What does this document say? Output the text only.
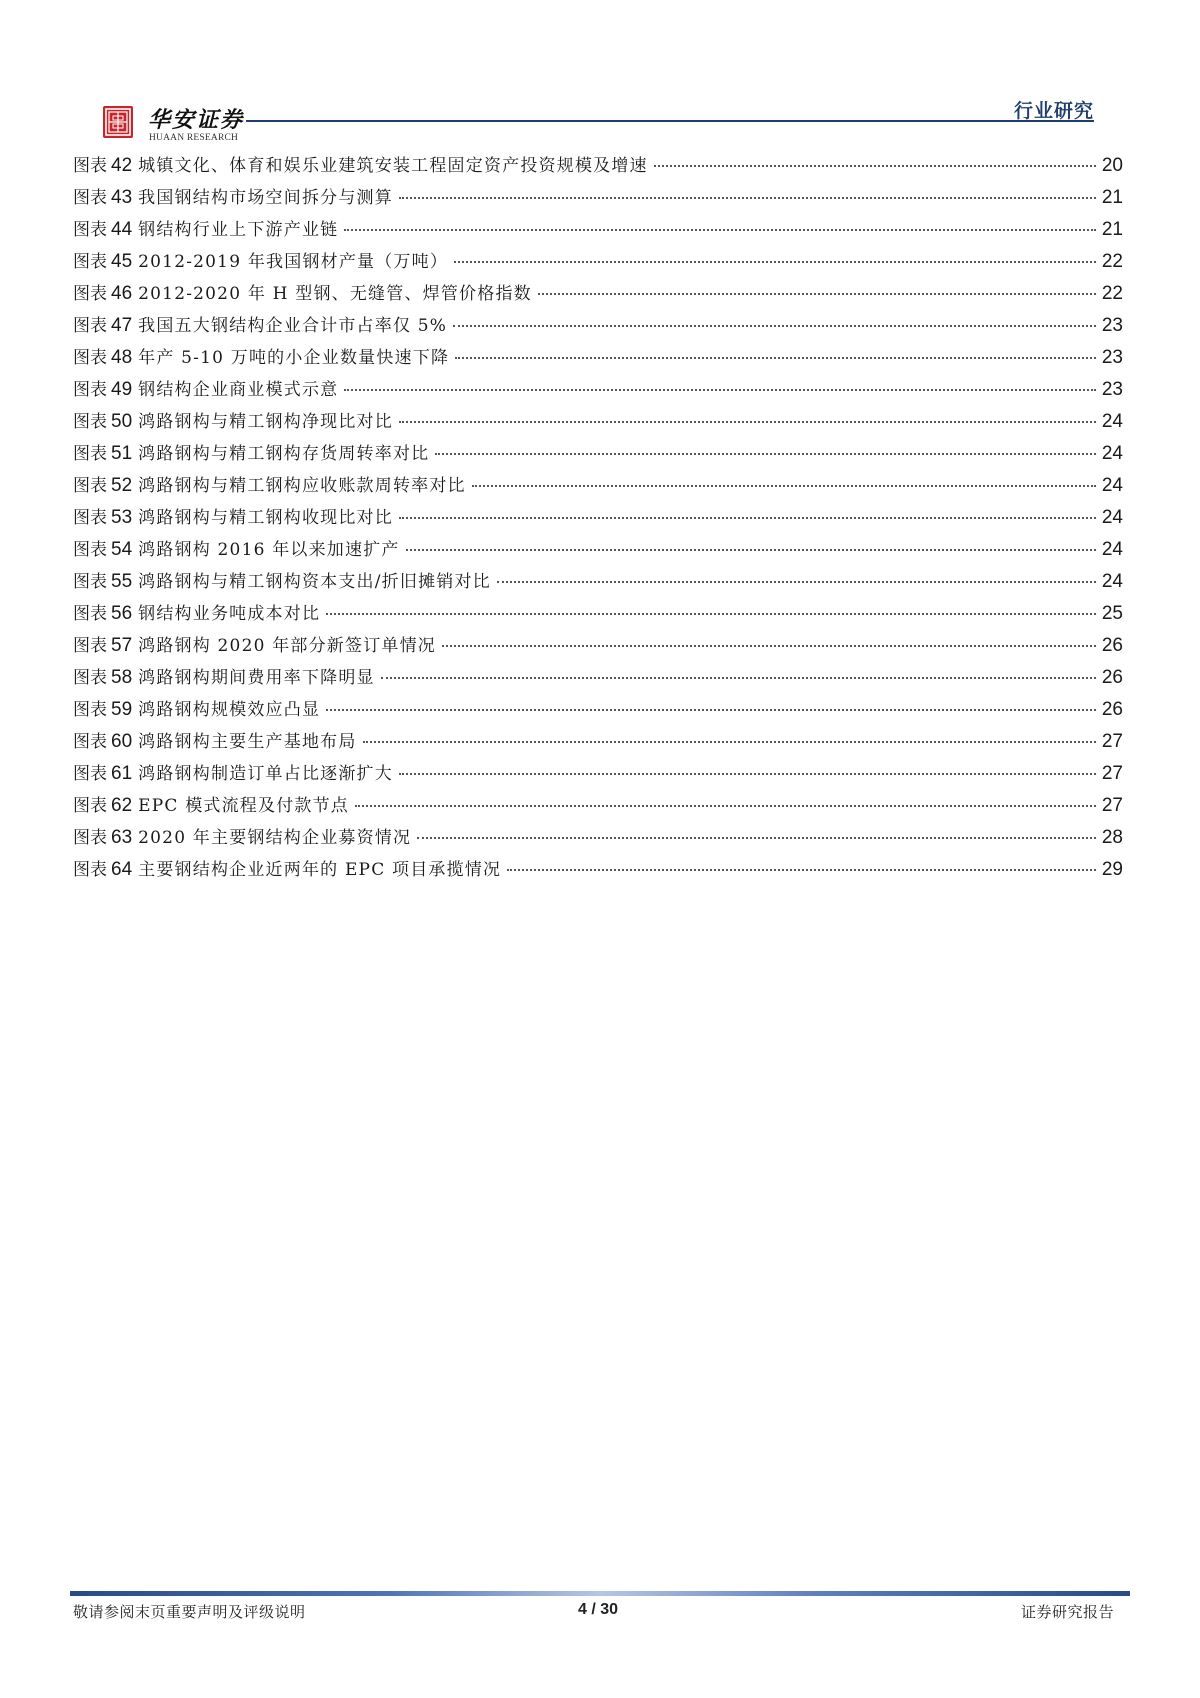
华安证券
HUAAN RESEARCH
行业研究
图表 42 城镇文化、体育和娱乐业建筑安装工程固定资产投资规模及增速	20
图表 43 我国钢结构市场空间拆分与测算	21
图表 44 钢结构行业上下游产业链	21
图表 45 2012-2019 年我国钢材产量（万吨）	22
图表 46 2012-2020 年 H 型钢、无缝管、焊管价格指数	22
图表 47 我国五大钢结构企业合计市占率仅 5%	23
图表 48 年产 5-10 万吨的小企业数量快速下降	23
图表 49 钢结构企业商业模式示意	23
图表 50 鸿路钢构与精工钢构净现比对比	24
图表 51 鸿路钢构与精工钢构存货周转率对比	24
图表 52 鸿路钢构与精工钢构应收账款周转率对比	24
图表 53 鸿路钢构与精工钢构收现比对比	24
图表 54 鸿路钢构 2016 年以来加速扩产	24
图表 55 鸿路钢构与精工钢构资本支出/折旧摊销对比	24
图表 56 钢结构业务吨成本对比	25
图表 57 鸿路钢构 2020 年部分新签订单情况	26
图表 58 鸿路钢构期间费用率下降明显	26
图表 59 鸿路钢构规模效应凸显	26
图表 60 鸿路钢构主要生产基地布局	27
图表 61 鸿路钢构制造订单占比逐渐扩大	27
图表 62 EPC 模式流程及付款节点	27
图表 63 2020 年主要钢结构企业募资情况	28
图表 64 主要钢结构企业近两年的 EPC 项目承揽情况	29
敬请参阅末页重要声明及评级说明	4 / 30	证券研究报告
